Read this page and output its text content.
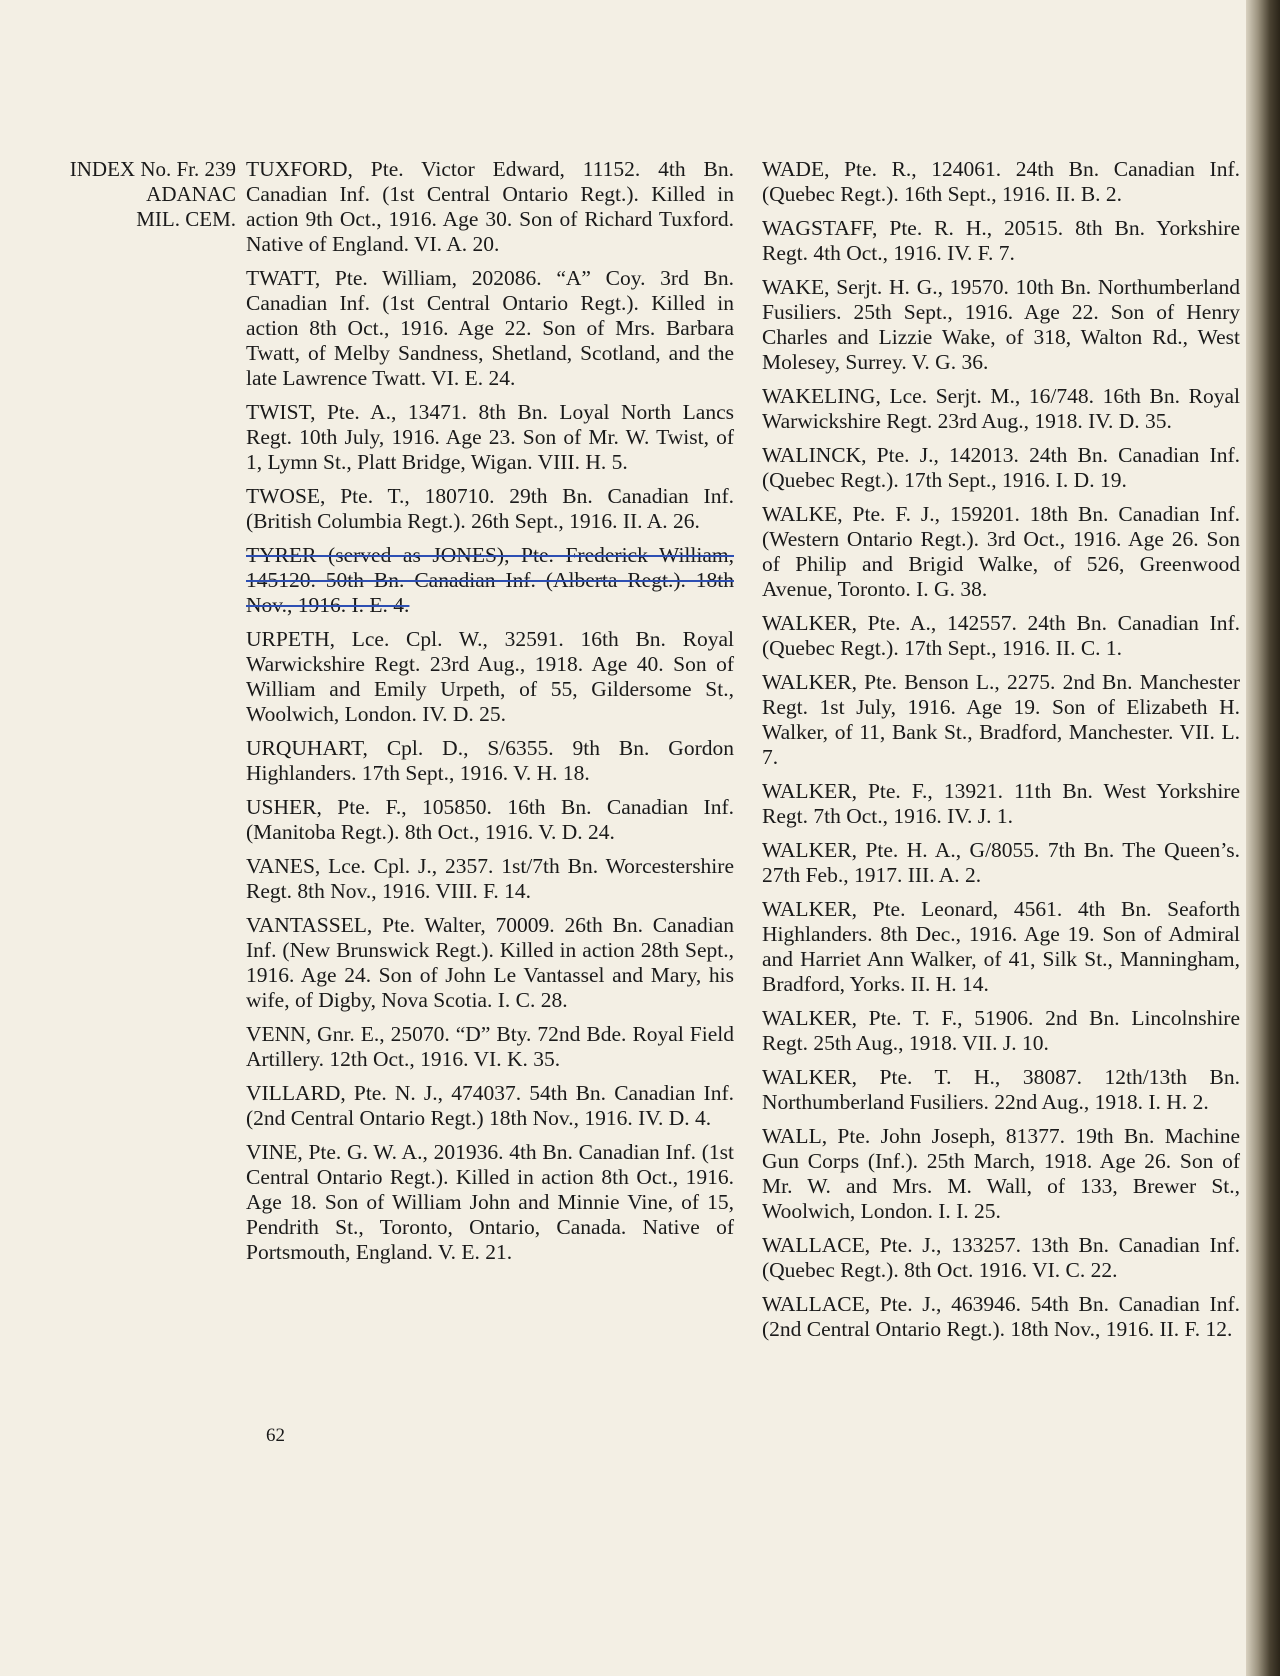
INDEX No. Fr. 239
ADANAC
MIL. CEM.

TUXFORD, Pte. Victor Edward, 11152. 4th Bn. Canadian Inf. (1st Central Ontario Regt.). Killed in action 9th Oct., 1916. Age 30. Son of Richard Tuxford. Native of England. VI. A. 20.

TWATT, Pte. William, 202086. “A” Coy. 3rd Bn. Canadian Inf. (1st Central Ontario Regt.). Killed in action 8th Oct., 1916. Age 22. Son of Mrs. Barbara Twatt, of Melby Sandness, Shetland, Scotland, and the late Lawrence Twatt. VI. E. 24.

TWIST, Pte. A., 13471. 8th Bn. Loyal North Lancs Regt. 10th July, 1916. Age 23. Son of Mr. W. Twist, of 1, Lymn St., Platt Bridge, Wigan. VIII. H. 5.

TWOSE, Pte. T., 180710. 29th Bn. Canadian Inf. (British Columbia Regt.). 26th Sept., 1916. II. A. 26.

TYRER (served as JONES), Pte. Frederick William, 145120. 50th Bn. Canadian Inf. (Alberta Regt.). 18th Nov., 1916. I. E. 4.

URPETH, Lce. Cpl. W., 32591. 16th Bn. Royal Warwickshire Regt. 23rd Aug., 1918. Age 40. Son of William and Emily Urpeth, of 55, Gildersome St., Woolwich, London. IV. D. 25.

URQUHART, Cpl. D., S/6355. 9th Bn. Gordon Highlanders. 17th Sept., 1916. V. H. 18.

USHER, Pte. F., 105850. 16th Bn. Canadian Inf. (Manitoba Regt.). 8th Oct., 1916. V. D. 24.

VANES, Lce. Cpl. J., 2357. 1st/7th Bn. Worcestershire Regt. 8th Nov., 1916. VIII. F. 14.

VANTASSEL, Pte. Walter, 70009. 26th Bn. Canadian Inf. (New Brunswick Regt.). Killed in action 28th Sept., 1916. Age 24. Son of John Le Vantassel and Mary, his wife, of Digby, Nova Scotia. I. C. 28.

VENN, Gnr. E., 25070. “D” Bty. 72nd Bde. Royal Field Artillery. 12th Oct., 1916. VI. K. 35.

VILLARD, Pte. N. J., 474037. 54th Bn. Canadian Inf. (2nd Central Ontario Regt.) 18th Nov., 1916. IV. D. 4.

VINE, Pte. G. W. A., 201936. 4th Bn. Canadian Inf. (1st Central Ontario Regt.). Killed in action 8th Oct., 1916. Age 18. Son of William John and Minnie Vine, of 15, Pendrith St., Toronto, Ontario, Canada. Native of Portsmouth, England. V. E. 21.

WADE, Pte. R., 124061. 24th Bn. Canadian Inf. (Quebec Regt.). 16th Sept., 1916. II. B. 2.

WAGSTAFF, Pte. R. H., 20515. 8th Bn. Yorkshire Regt. 4th Oct., 1916. IV. F. 7.

WAKE, Serjt. H. G., 19570. 10th Bn. Northumberland Fusiliers. 25th Sept., 1916. Age 22. Son of Henry Charles and Lizzie Wake, of 318, Walton Rd., West Molesey, Surrey. V. G. 36.

WAKELING, Lce. Serjt. M., 16/748. 16th Bn. Royal Warwickshire Regt. 23rd Aug., 1918. IV. D. 35.

WALINCK, Pte. J., 142013. 24th Bn. Canadian Inf. (Quebec Regt.). 17th Sept., 1916. I. D. 19.

WALKE, Pte. F. J., 159201. 18th Bn. Canadian Inf. (Western Ontario Regt.). 3rd Oct., 1916. Age 26. Son of Philip and Brigid Walke, of 526, Greenwood Avenue, Toronto. I. G. 38.

WALKER, Pte. A., 142557. 24th Bn. Canadian Inf. (Quebec Regt.). 17th Sept., 1916. II. C. 1.

WALKER, Pte. Benson L., 2275. 2nd Bn. Manchester Regt. 1st July, 1916. Age 19. Son of Elizabeth H. Walker, of 11, Bank St., Bradford, Manchester. VII. L. 7.

WALKER, Pte. F., 13921. 11th Bn. West Yorkshire Regt. 7th Oct., 1916. IV. J. 1.

WALKER, Pte. H. A., G/8055. 7th Bn. The Queen’s. 27th Feb., 1917. III. A. 2.

WALKER, Pte. Leonard, 4561. 4th Bn. Seaforth Highlanders. 8th Dec., 1916. Age 19. Son of Admiral and Harriet Ann Walker, of 41, Silk St., Manningham, Bradford, Yorks. II. H. 14.

WALKER, Pte. T. F., 51906. 2nd Bn. Lincolnshire Regt. 25th Aug., 1918. VII. J. 10.

WALKER, Pte. T. H., 38087. 12th/13th Bn. Northumberland Fusiliers. 22nd Aug., 1918. I. H. 2.

WALL, Pte. John Joseph, 81377. 19th Bn. Machine Gun Corps (Inf.). 25th March, 1918. Age 26. Son of Mr. W. and Mrs. M. Wall, of 133, Brewer St., Woolwich, London. I. I. 25.

WALLACE, Pte. J., 133257. 13th Bn. Canadian Inf. (Quebec Regt.). 8th Oct. 1916. VI. C. 22.

WALLACE, Pte. J., 463946. 54th Bn. Canadian Inf. (2nd Central Ontario Regt.). 18th Nov., 1916. II. F. 12.

62
